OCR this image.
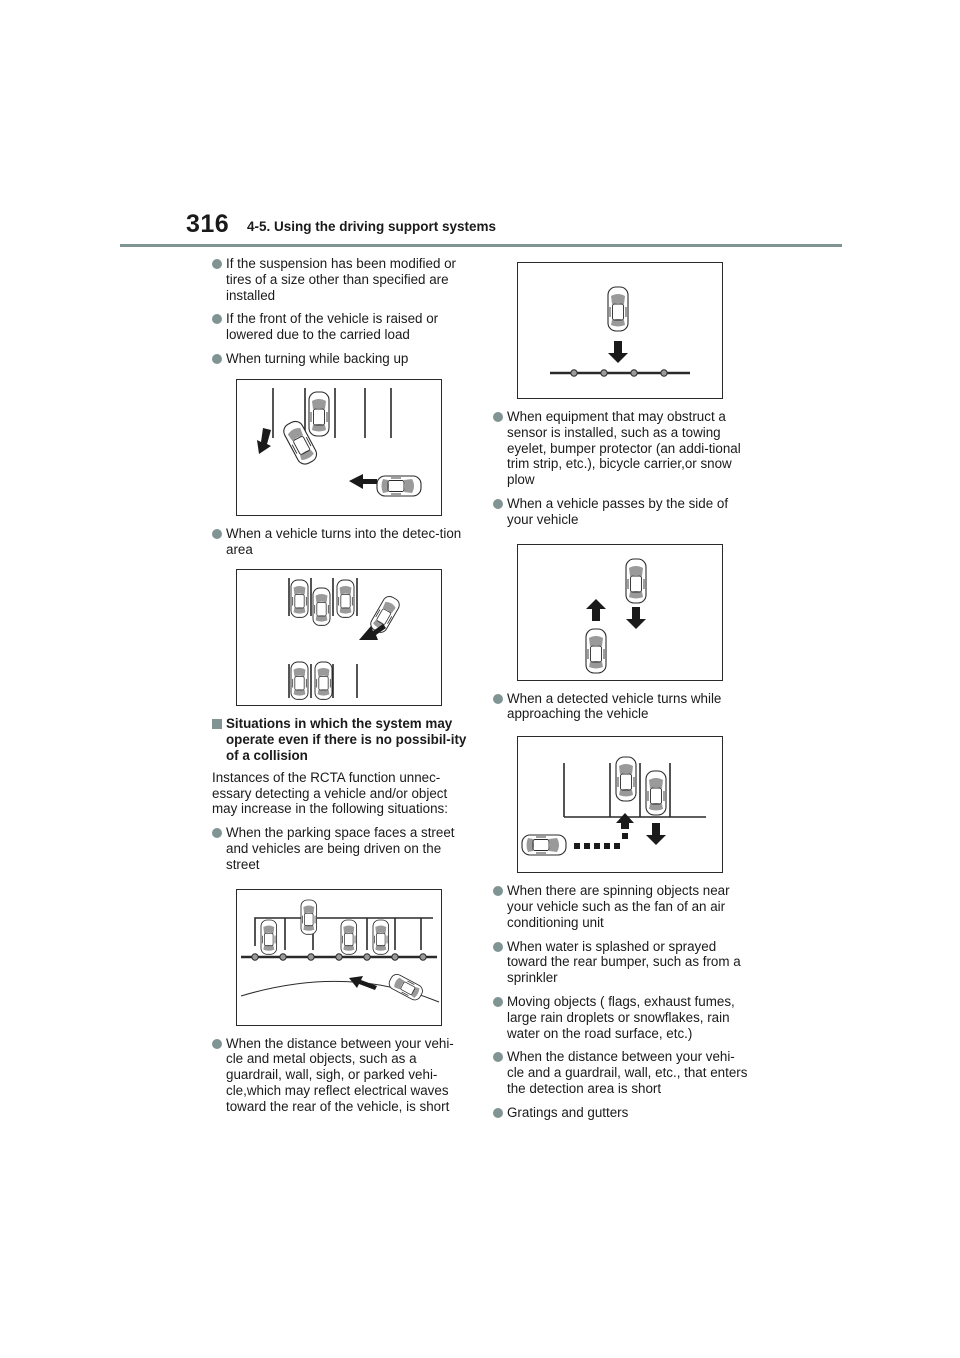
316 4-5. Using the driving support systems
If the suspension has been modified or tires of a size other than specified are installed
If the front of the vehicle is raised or lowered due to the carried load
When turning while backing up
When a vehicle turns into the detec-tion area
Situations in which the system may operate even if there is no possibil-ity of a collision
Instances of the RCTA function unnec-essary detecting a vehicle and/or object may increase in the following situations:
When the parking space faces a street and vehicles are being driven on the street
When the distance between your vehi-cle and metal objects, such as a guardrail, wall, sigh, or parked vehi-cle,which may reflect electrical waves toward the rear of the vehicle, is short
When equipment that may obstruct a sensor is installed, such as a towing eyelet, bumper protector (an addi-tional trim strip, etc.), bicycle carrier,or snow plow
When a vehicle passes by the side of your vehicle
When a detected vehicle turns while approaching the vehicle
When there are spinning objects near your vehicle such as the fan of an air conditioning unit
When water is splashed or sprayed toward the rear bumper, such as from a sprinkler
Moving objects ( flags, exhaust fumes, large rain droplets or snowflakes, rain water on the road surface, etc.)
When the distance between your vehi-cle and a guardrail, wall, etc., that enters the detection area is short
Gratings and gutters
